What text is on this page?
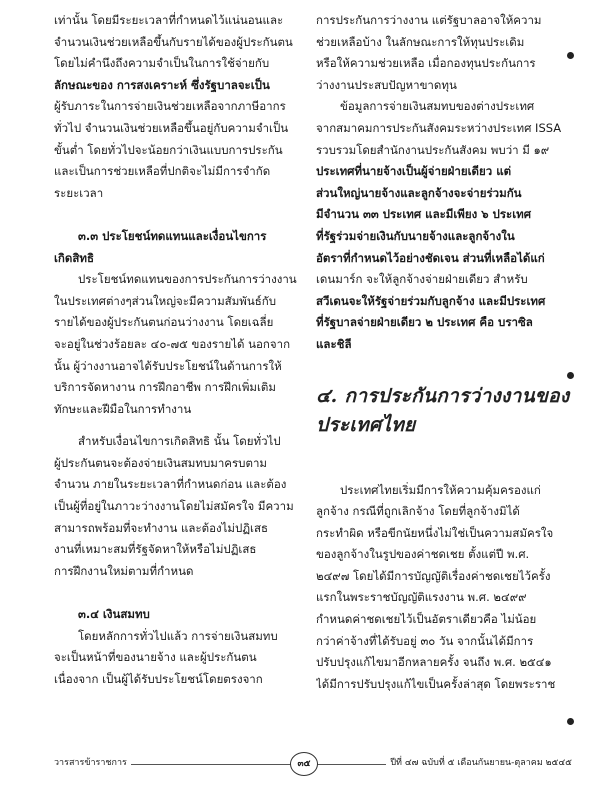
เท่านั้น โดยมีระยะเวลาที่กำหนดไว้แน่นอนและ
จำนวนเงินช่วยเหลือขึ้นกับรายได้ของผู้ประกันตน
โดยไม่คำนึงถึงความจำเป็นในการใช้จ่ายกับ
ลักษณะของ การสงเคราะห์ ซึ่งรัฐบาลจะเป็น
ผู้รับภาระในการจ่ายเงินช่วยเหลือจากภาษีอากร
ทั่วไป จำนวนเงินช่วยเหลือขึ้นอยู่กับความจำเป็น
ขั้นต่ำ โดยทั่วไปจะน้อยกว่าเงินแบบการประกัน
และเป็นการช่วยเหลือที่ปกติจะไม่มีการจำกัด
ระยะเวลา

๓.๓ ประโยชน์ทดแทนและเงื่อนไขการ
เกิดสิทธิ

ประโยชน์ทดแทนของการประกันการว่างงาน
ในประเทศต่างๆส่วนใหญ่จะมีความสัมพันธ์กับ
รายได้ของผู้ประกันตนก่อนว่างงาน โดยเฉลี่ย
จะอยู่ในช่วงร้อยละ ๔๐-๗๕ ของรายได้ นอกจาก
นั้น ผู้ว่างงานอาจได้รับประโยชน์ในด้านการให้
บริการจัดหางาน การฝึกอาชีพ การฝึกเพิ่มเติม
ทักษะและฝีมือในการทำงาน

สำหรับเงื่อนไขการเกิดสิทธิ นั้น โดยทั่วไป
ผู้ประกันตนจะต้องจ่ายเงินสมทบมาครบตาม
จำนวน ภายในระยะเวลาที่กำหนดก่อน และต้อง
เป็นผู้ที่อยู่ในภาวะว่างงานโดยไม่สมัครใจ มีความ
สามารถพร้อมที่จะทำงาน และต้องไม่ปฏิเสธ
งานที่เหมาะสมที่รัฐจัดหาให้หรือไม่ปฏิเสธ
การฝึกงานใหม่ตามที่กำหนด

๓.๔ เงินสมทบ

โดยหลักการทั่วไปแล้ว การจ่ายเงินสมทบ
จะเป็นหน้าที่ของนายจ้าง และผู้ประกันตน
เนื่องจาก เป็นผู้ได้รับประโยชน์โดยตรงจาก

การประกันการว่างงาน แต่รัฐบาลอาจให้ความ
ช่วยเหลือบ้าง ในลักษณะการให้ทุนประเดิม
หรือให้ความช่วยเหลือ เมื่อกองทุนประกันการ
ว่างงานประสบปัญหาขาดทุน

ข้อมูลการจ่ายเงินสมทบของต่างประเทศ
จากสมาคมการประกันสังคมระหว่างประเทศ ISSA
รวบรวมโดยสำนักงานประกันสังคม พบว่า มี ๑๙
ประเทศที่นายจ้างเป็นผู้จ่ายฝ่ายเดียว แต่
ส่วนใหญ่นายจ้างและลูกจ้างจะจ่ายร่วมกัน
มีจำนวน ๓๓ ประเทศ และมีเพียง ๖ ประเทศ
ที่รัฐร่วมจ่ายเงินกับนายจ้างและลูกจ้างใน
อัตราที่กำหนดไว้อย่างชัดเจน ส่วนที่เหลือได้แก่
เดนมาร์ก จะให้ลูกจ้างจ่ายฝ่ายเดียว สำหรับ
สวีเดนจะให้รัฐจ่ายร่วมกับลูกจ้าง และมีประเทศ
ที่รัฐบาลจ่ายฝ่ายเดียว ๒ ประเทศ คือ บราซิล
และชิลี

๔. การประกันการว่างงานของ
ประเทศไทย

ประเทศไทยเริ่มมีการให้ความคุ้มครองแก่
ลูกจ้าง กรณีที่ถูกเลิกจ้าง โดยที่ลูกจ้างมิได้
กระทำผิด หรือขีกนัยหนึ่งไม่ใช่เป็นความสมัครใจ
ของลูกจ้างในรูปของค่าชดเชย ตั้งแต่ปี พ.ศ.
๒๔๙๗ โดยได้มีการบัญญัติเรื่องค่าชดเชยไว้ครั้ง
แรกในพระราชบัญญัติแรงงาน พ.ศ. ๒๔๙๙
กำหนดค่าชดเชยไว้เป็นอัตราเดียวคือ ไม่น้อย
กว่าค่าจ้างที่ได้รับอยู่ ๓๐ วัน จากนั้นได้มีการ
ปรับปรุงแก้ไขมาอีกหลายครั้ง จนถึง พ.ศ. ๒๕๔๑
ได้มีการปรับปรุงแก้ไขเป็นครั้งล่าสุด โดยพระราช

วารสารข้าราชการ	๓๕	ปีที่ ๔๗ ฉบับที่ ๕ เดือนกันยายน-ตุลาคม ๒๕๔๕
